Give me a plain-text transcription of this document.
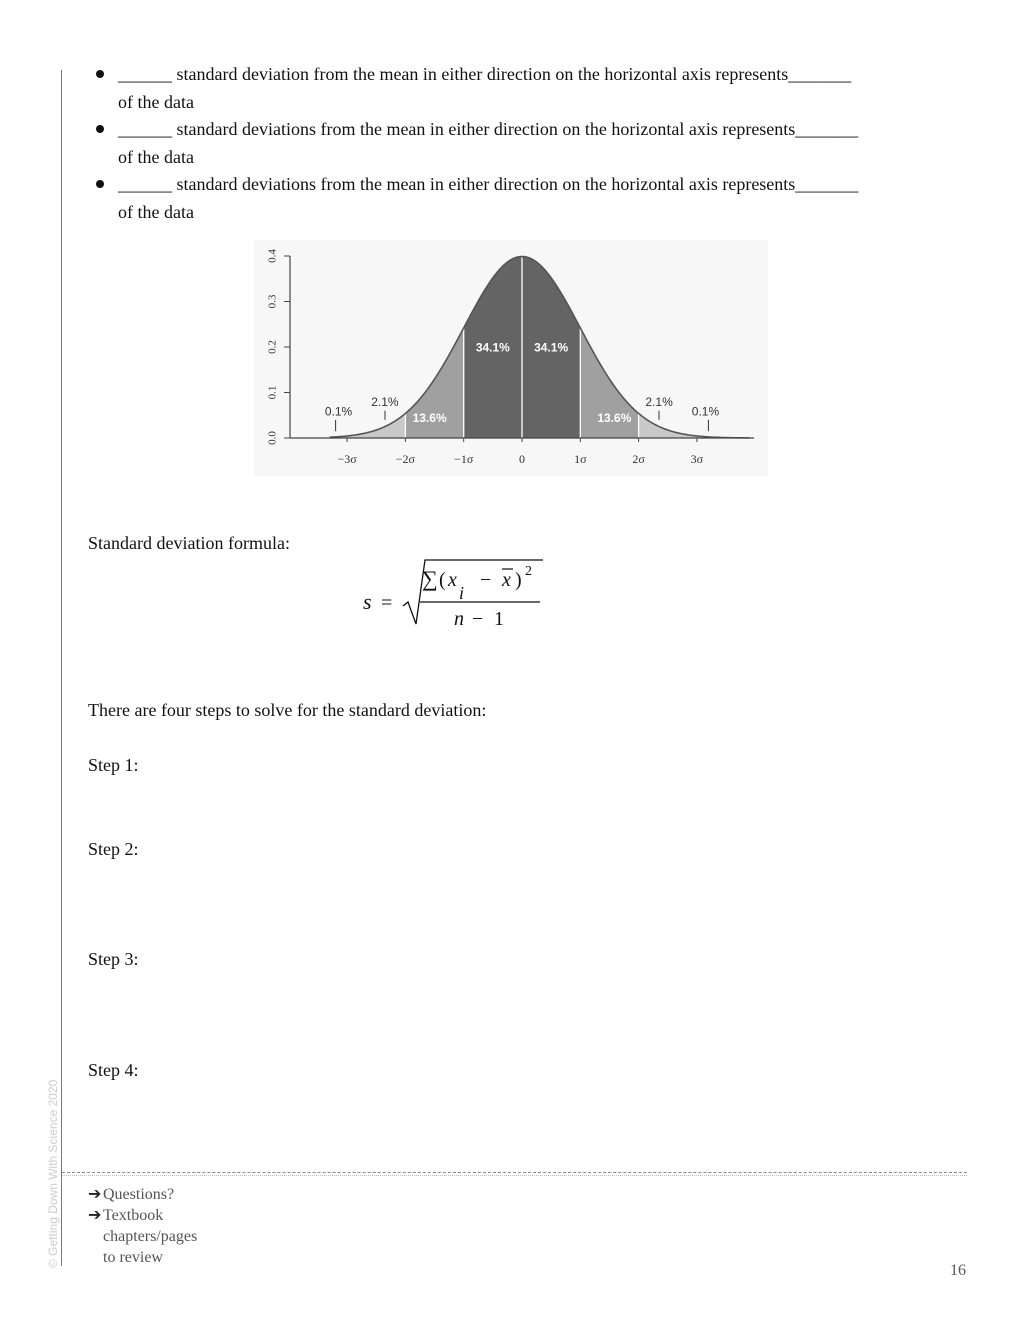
© Getting Down With Science 2020
______ standard deviation from the mean in either direction on the horizontal axis represents_______
of the data
______ standard deviations from the mean in either direction on the horizontal axis represents_______
of the data
______ standard deviations from the mean in either direction on the horizontal axis represents_______
of the data
0.0
0.1
0.2
0.3
0.4
−3σ	−2σ	−1σ	0	1σ	2σ	3σ
34.1% 34.1%
13.6%	13.6%
2.1%	2.1%
0.1%	0.1%
Standard deviation formula:
s =
∑ ( x
i
− x ) 2
n − 1
There are four steps to solve for the standard deviation:
Step 1:
Step 2:
Step 3:
Step 4:
➔ Questions?
➔ Textbook
chapters/pages
to review
16
